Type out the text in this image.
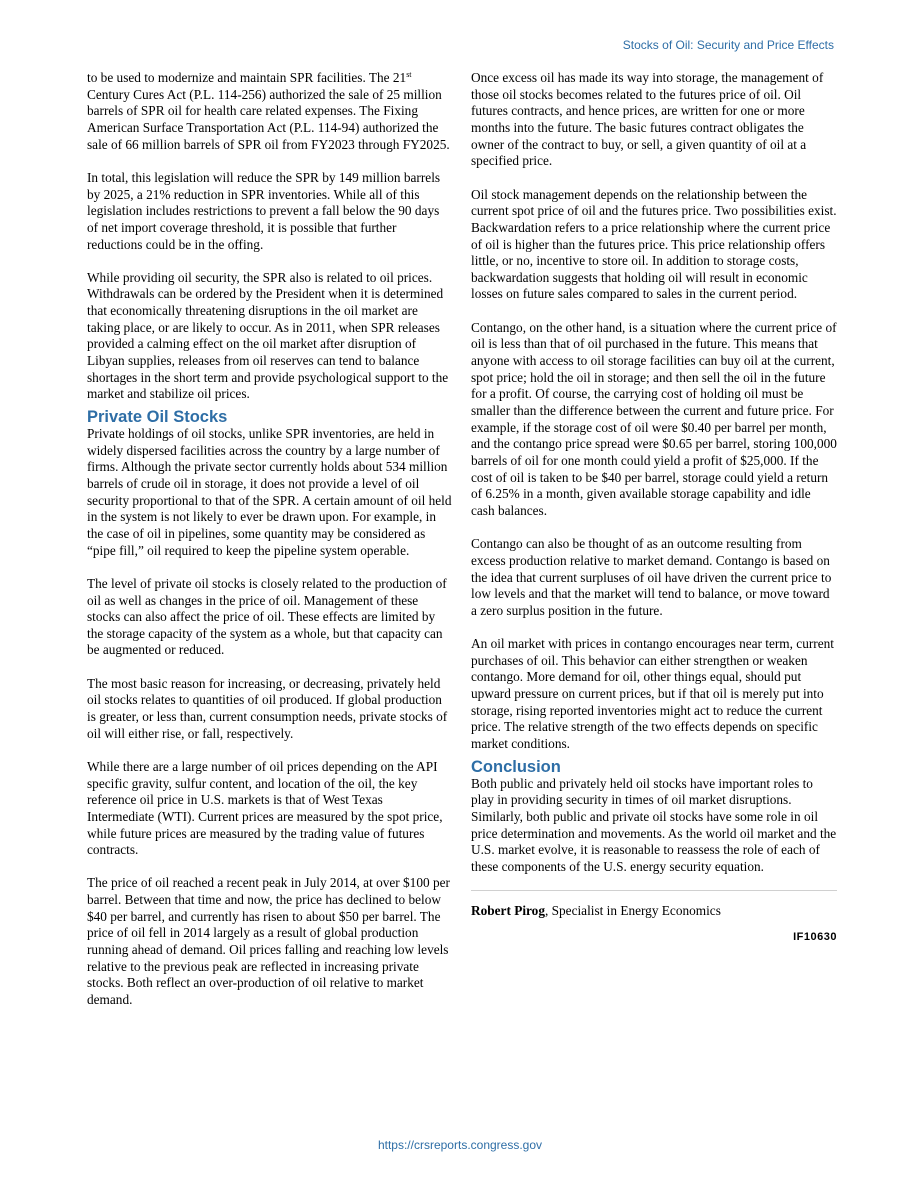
Stocks of Oil: Security and Price Effects

to be used to modernize and maintain SPR facilities. The 21st Century Cures Act (P.L. 114-256) authorized the sale of 25 million barrels of SPR oil for health care related expenses. The Fixing American Surface Transportation Act (P.L. 114-94) authorized the sale of 66 million barrels of SPR oil from FY2023 through FY2025.

In total, this legislation will reduce the SPR by 149 million barrels by 2025, a 21% reduction in SPR inventories. While all of this legislation includes restrictions to prevent a fall below the 90 days of net import coverage threshold, it is possible that further reductions could be in the offing.

While providing oil security, the SPR also is related to oil prices. Withdrawals can be ordered by the President when it is determined that economically threatening disruptions in the oil market are taking place, or are likely to occur. As in 2011, when SPR releases provided a calming effect on the oil market after disruption of Libyan supplies, releases from oil reserves can tend to balance shortages in the short term and provide psychological support to the market and stabilize oil prices.

Private Oil Stocks

Private holdings of oil stocks, unlike SPR inventories, are held in widely dispersed facilities across the country by a large number of firms. Although the private sector currently holds about 534 million barrels of crude oil in storage, it does not provide a level of oil security proportional to that of the SPR. A certain amount of oil held in the system is not likely to ever be drawn upon. For example, in the case of oil in pipelines, some quantity may be considered as “pipe fill,” oil required to keep the pipeline system operable.

The level of private oil stocks is closely related to the production of oil as well as changes in the price of oil. Management of these stocks can also affect the price of oil. These effects are limited by the storage capacity of the system as a whole, but that capacity can be augmented or reduced.

The most basic reason for increasing, or decreasing, privately held oil stocks relates to quantities of oil produced. If global production is greater, or less than, current consumption needs, private stocks of oil will either rise, or fall, respectively.

While there are a large number of oil prices depending on the API specific gravity, sulfur content, and location of the oil, the key reference oil price in U.S. markets is that of West Texas Intermediate (WTI). Current prices are measured by the spot price, while future prices are measured by the trading value of futures contracts.

The price of oil reached a recent peak in July 2014, at over $100 per barrel. Between that time and now, the price has declined to below $40 per barrel, and currently has risen to about $50 per barrel. The price of oil fell in 2014 largely as a result of global production running ahead of demand. Oil prices falling and reaching low levels relative to the previous peak are reflected in increasing private stocks. Both reflect an over-production of oil relative to market demand.

Once excess oil has made its way into storage, the management of those oil stocks becomes related to the futures price of oil. Oil futures contracts, and hence prices, are written for one or more months into the future. The basic futures contract obligates the owner of the contract to buy, or sell, a given quantity of oil at a specified price.

Oil stock management depends on the relationship between the current spot price of oil and the futures price. Two possibilities exist. Backwardation refers to a price relationship where the current price of oil is higher than the futures price. This price relationship offers little, or no, incentive to store oil. In addition to storage costs, backwardation suggests that holding oil will result in economic losses on future sales compared to sales in the current period.

Contango, on the other hand, is a situation where the current price of oil is less than that of oil purchased in the future. This means that anyone with access to oil storage facilities can buy oil at the current, spot price; hold the oil in storage; and then sell the oil in the future for a profit. Of course, the carrying cost of holding oil must be smaller than the difference between the current and future price. For example, if the storage cost of oil were $0.40 per barrel per month, and the contango price spread were $0.65 per barrel, storing 100,000 barrels of oil for one month could yield a profit of $25,000. If the cost of oil is taken to be $40 per barrel, storage could yield a return of 6.25% in a month, given available storage capability and idle cash balances.

Contango can also be thought of as an outcome resulting from excess production relative to market demand. Contango is based on the idea that current surpluses of oil have driven the current price to low levels and that the market will tend to balance, or move toward a zero surplus position in the future.

An oil market with prices in contango encourages near term, current purchases of oil. This behavior can either strengthen or weaken contango. More demand for oil, other things equal, should put upward pressure on current prices, but if that oil is merely put into storage, rising reported inventories might act to reduce the current price. The relative strength of the two effects depends on specific market conditions.

Conclusion

Both public and privately held oil stocks have important roles to play in providing security in times of oil market disruptions. Similarly, both public and private oil stocks have some role in oil price determination and movements. As the world oil market and the U.S. market evolve, it is reasonable to reassess the role of each of these components of the U.S. energy security equation.

Robert Pirog, Specialist in Energy Economics

IF10630
https://crsreports.congress.gov
